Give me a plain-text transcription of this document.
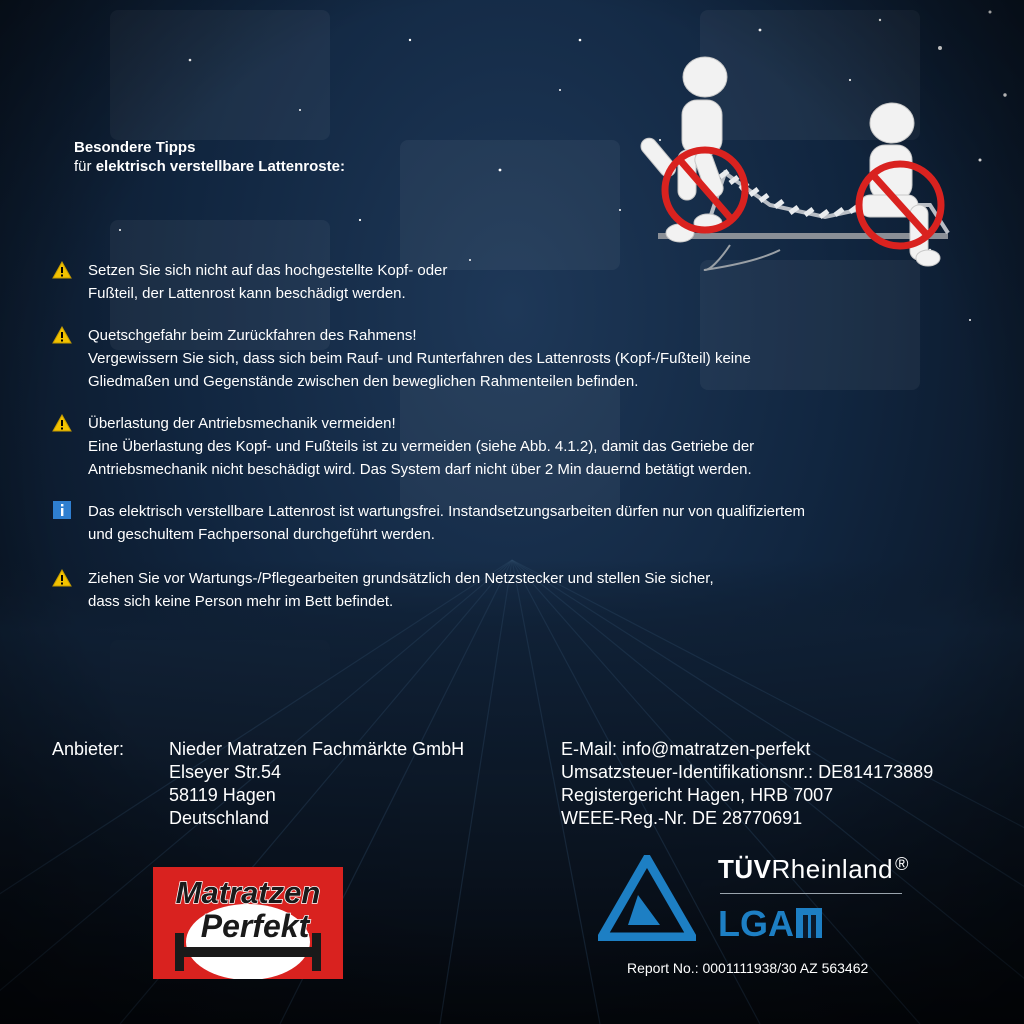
Besondere Tipps
für elektrisch verstellbare Lattenroste:
Setzen Sie sich nicht auf das hochgestellte Kopf- oder
Fußteil, der Lattenrost kann beschädigt werden.
Quetschgefahr beim Zurückfahren des Rahmens!
Vergewissern Sie sich, dass sich beim Rauf- und Runterfahren des Lattenrosts (Kopf-/Fußteil) keine
Gliedmaßen und Gegenstände zwischen den beweglichen Rahmenteilen befinden.
Überlastung der Antriebsmechanik vermeiden!
Eine Überlastung des Kopf- und Fußteils ist zu vermeiden (siehe Abb. 4.1.2), damit das Getriebe der
Antriebsmechanik nicht beschädigt wird. Das System darf nicht über 2 Min dauernd betätigt werden.
Das elektrisch verstellbare Lattenrost ist wartungsfrei. Instandsetzungsarbeiten dürfen nur von qualifiziertem
und geschultem Fachpersonal durchgeführt werden.
Ziehen Sie vor Wartungs-/Pflegearbeiten grundsätzlich den Netzstecker und stellen Sie sicher,
dass sich keine Person mehr im Bett befindet.
Anbieter: Nieder Matratzen Fachmärkte GmbH
Elseyer Str.54
58119 Hagen
Deutschland
E-Mail: info@matratzen-perfekt
Umsatzsteuer-Identifikationsnr.: DE814173889
Registergericht Hagen, HRB 7007
WEEE-Reg.-Nr. DE 28770691
Matratzen
Perfekt
TÜVRheinland ®
LGA
Report No.: 0001111938/30 AZ 563462
